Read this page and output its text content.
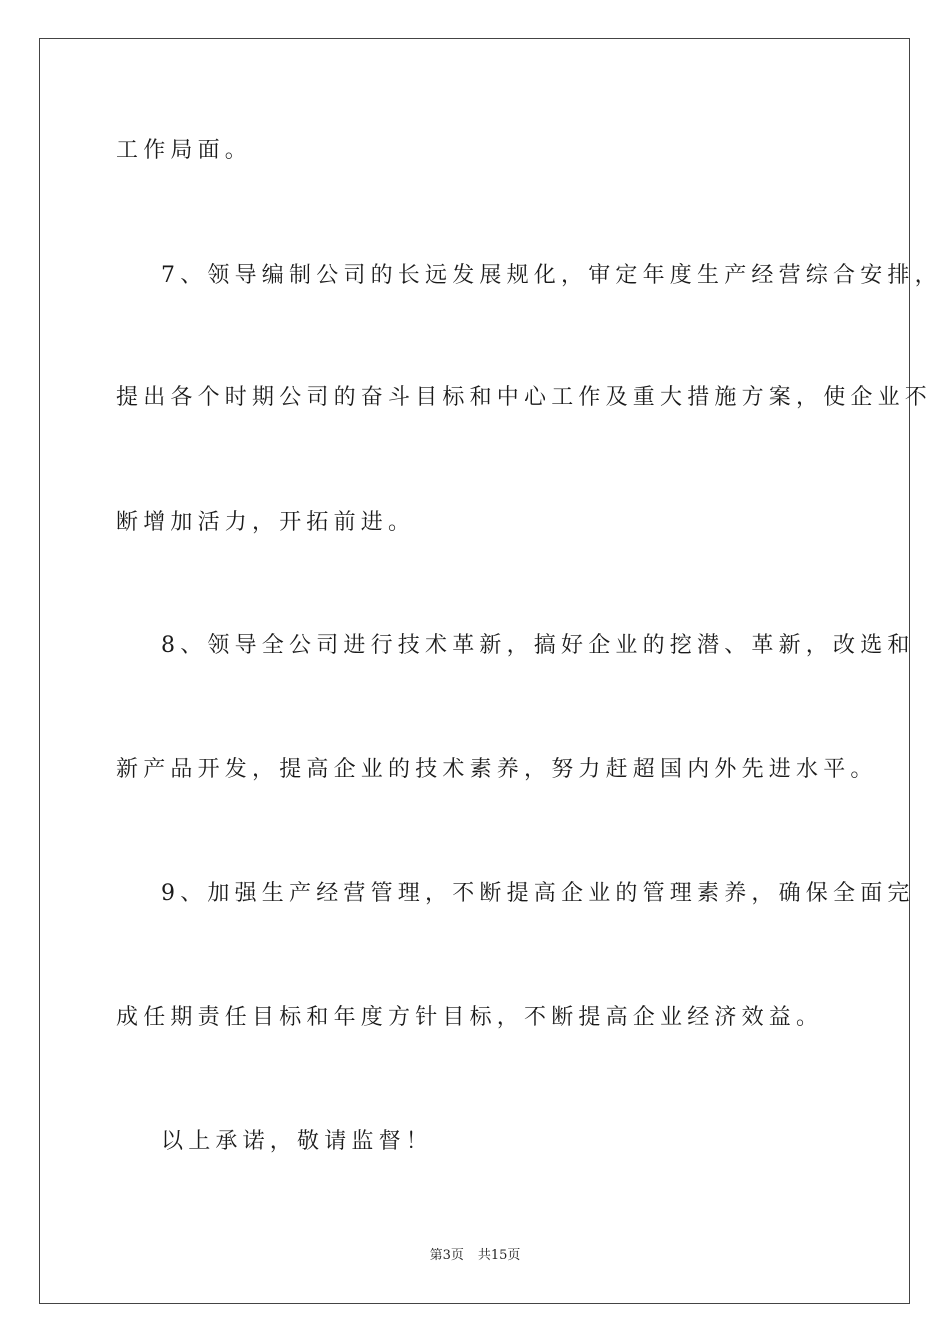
工作局面。
7、领导编制公司的长远发展规化，审定年度生产经营综合安排，
提出各个时期公司的奋斗目标和中心工作及重大措施方案，使企业不
断增加活力，开拓前进。
8、领导全公司进行技术革新，搞好企业的挖潜、革新，改选和
新产品开发，提高企业的技术素养，努力赶超国内外先进水平。
9、加强生产经营管理，不断提高企业的管理素养，确保全面完
成任期责任目标和年度方针目标，不断提高企业经济效益。
以上承诺，敬请监督！
第3页 共15页
